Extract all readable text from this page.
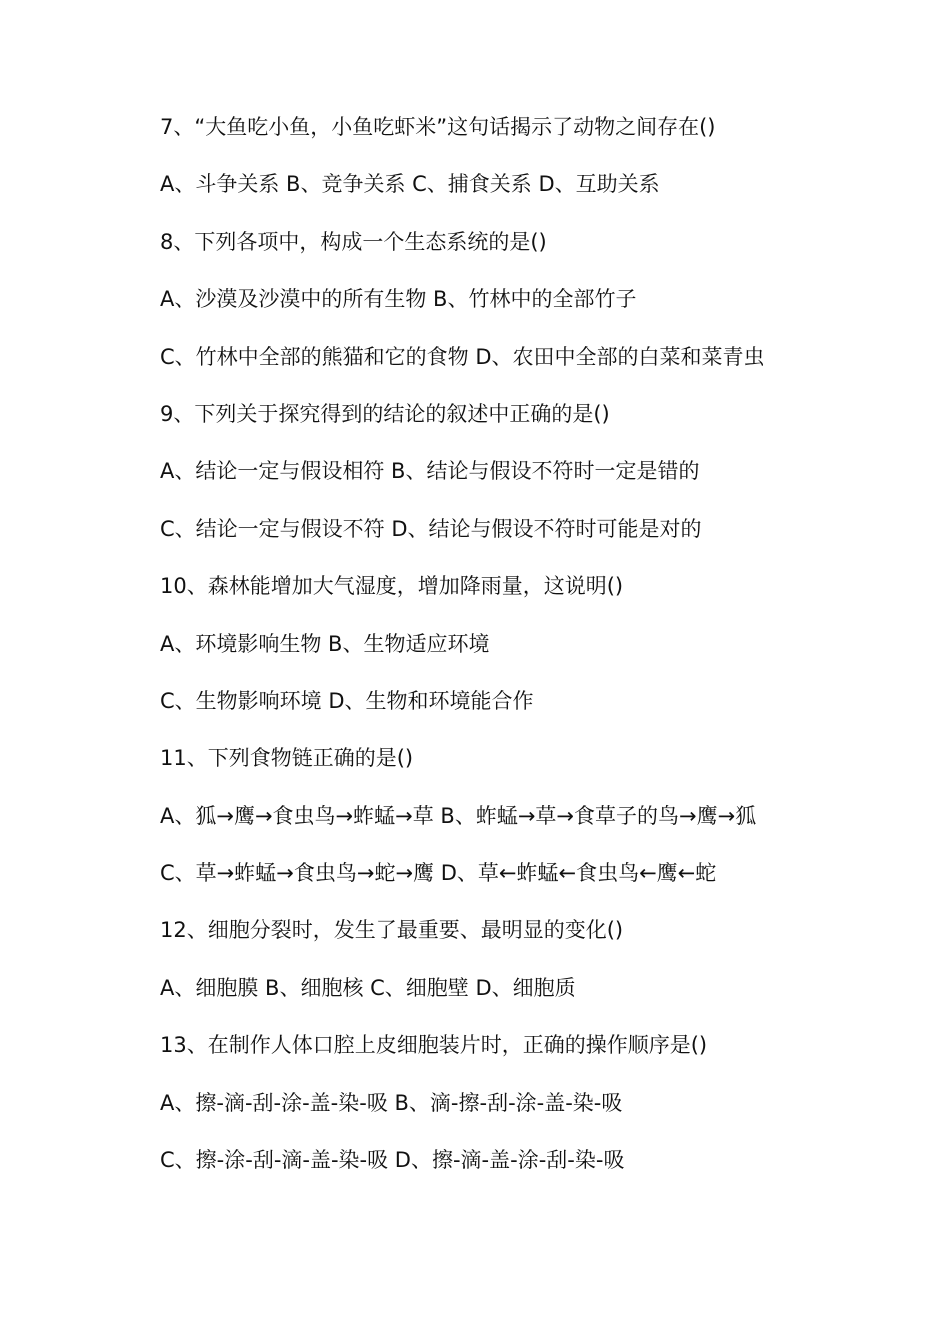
7、“大鱼吃小鱼，小鱼吃虾米”这句话揭示了动物之间存在()
A、斗争关系 B、竞争关系 C、捕食关系 D、互助关系
8、下列各项中，构成一个生态系统的是()
A、沙漠及沙漠中的所有生物 B、竹林中的全部竹子
C、竹林中全部的熊猫和它的食物 D、农田中全部的白菜和菜青虫
9、下列关于探究得到的结论的叙述中正确的是()
A、结论一定与假设相符 B、结论与假设不符时一定是错的
C、结论一定与假设不符 D、结论与假设不符时可能是对的
10、森林能增加大气湿度，增加降雨量，这说明()
A、环境影响生物 B、生物适应环境
C、生物影响环境 D、生物和环境能合作
11、下列食物链正确的是()
A、狐→鹰→食虫鸟→蚱蜢→草 B、蚱蜢→草→食草子的鸟→鹰→狐
C、草→蚱蜢→食虫鸟→蛇→鹰 D、草←蚱蜢←食虫鸟←鹰←蛇
12、细胞分裂时，发生了最重要、最明显的变化()
A、细胞膜 B、细胞核 C、细胞壁 D、细胞质
13、在制作人体口腔上皮细胞装片时，正确的操作顺序是()
A、擦-滴-刮-涂-盖-染-吸 B、滴-擦-刮-涂-盖-染-吸
C、擦-涂-刮-滴-盖-染-吸 D、擦-滴-盖-涂-刮-染-吸
